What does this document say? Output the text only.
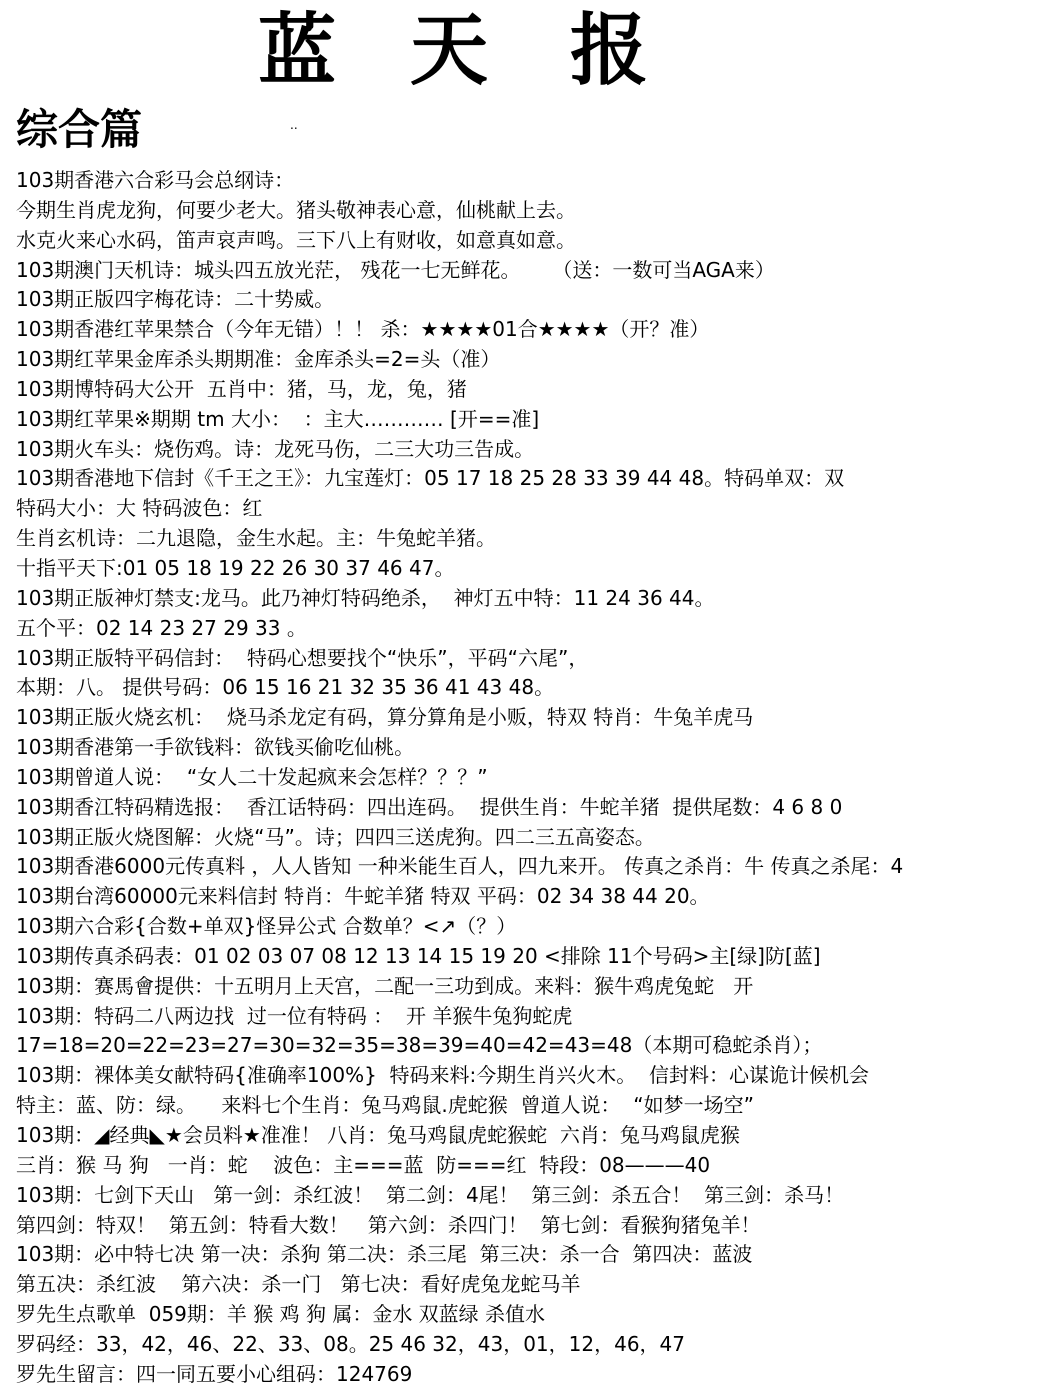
蓝 天 报
综合篇	..
103期香港六合彩马会总纲诗：
今期生肖虎龙狗，何要少老大。猪头敬神表心意，仙桃献上去。
水克火来心水码，笛声哀声鸣。三下八上有财收，如意真如意。
103期澳门天机诗：城头四五放光茫， 残花一七无鲜花。     （送：一数可当AGA来）
103期正版四字梅花诗：二十势威。
103期香港红苹果禁合（今年无错）！！ 杀：★★★★01合★★★★（开？准）
103期红苹果金库杀头期期准：金库杀头=2=头（准）
103期博特码大公开  五肖中：猪，马，龙，兔，猪
103期红苹果※期期 tm 大小：  ：主大………… [开==准]
103期火车头：烧伤鸡。诗：龙死马伤，二三大功三告成。
103期香港地下信封《千王之王》：九宝莲灯：05 17 18 25 28 33 39 44 48。特码单双：双
特码大小：大 特码波色：红
生肖玄机诗：二九退隐，金生水起。主：牛兔蛇羊猪。
十指平天下:01 05 18 19 22 26 30 37 46 47。
103期正版神灯禁支:龙马。此乃神灯特码绝杀，  神灯五中特：11 24 36 44。
五个平：02 14 23 27 29 33 。
103期正版特平码信封：  特码心想要找个“快乐”，平码“六尾”，
本期：八。 提供号码：06 15 16 21 32 35 36 41 43 48。
103期正版火烧玄机：  烧马杀龙定有码，算分算角是小贩，特双 特肖：牛兔羊虎马
103期香港第一手欲钱料：欲钱买偷吃仙桃。
103期曾道人说：  “女人二十发起疯来会怎样？？？”
103期香江特码精选报：  香江话特码：四出连码。  提供生肖：牛蛇羊猪  提供尾数：4 6 8 0
103期正版火烧图解：火烧“马”。诗；四四三送虎狗。四二三五高姿态。
103期香港6000元传真料 ，人人皆知 一种米能生百人，四九来开。 传真之杀肖：牛 传真之杀尾：4
103期台湾60000元来料信封 特肖：牛蛇羊猪 特双 平码：02 34 38 44 20。
103期六合彩{合数+单双}怪异公式 合数单？<↗（？）
103期传真杀码表：01 02 03 07 08 12 13 14 15 19 20 <排除 11个号码>主[绿]防[蓝]
103期：赛馬會提供：十五明月上天宫，二配一三功到成。来料：猴牛鸡虎兔蛇   开
103期：特码二八两边找  过一位有特码 ：  开 羊猴牛兔狗蛇虎
17=18=20=22=23=27=30=32=35=38=39=40=42=43=48（本期可稳蛇杀肖）；
103期：裸体美女献特码{准确率100%}  特码来料:今期生肖兴火木。  信封料：心谋诡计候机会
特主：蓝、防：绿。    来料七个生肖：兔马鸡鼠.虎蛇猴  曾道人说：  “如梦一场空”
103期：◢经典◣★会员料★准准！ 八肖：兔马鸡鼠虎蛇猴蛇  六肖：兔马鸡鼠虎猴
三肖：猴 马 狗   一肖：蛇    波色：主===蓝  防===红  特段：08———40
103期：七剑下天山   第一剑：杀红波！  第二剑：4尾！  第三剑：杀五合！  第三剑：杀马！
第四剑：特双！  第五剑：特看大数！   第六剑：杀四门！  第七剑：看猴狗猪兔羊！
103期：必中特七决 第一决：杀狗 第二决：杀三尾  第三决：杀一合  第四决：蓝波
第五决：杀红波    第六决：杀一门   第七决：看好虎兔龙蛇马羊
罗先生点歌单  059期：羊 猴 鸡 狗 属：金水 双蓝绿 杀值水
罗码经：33，42，46、22、33、08。25 46 32，43，01，12，46，47
罗先生留言：四一同五要小心组码：124769
